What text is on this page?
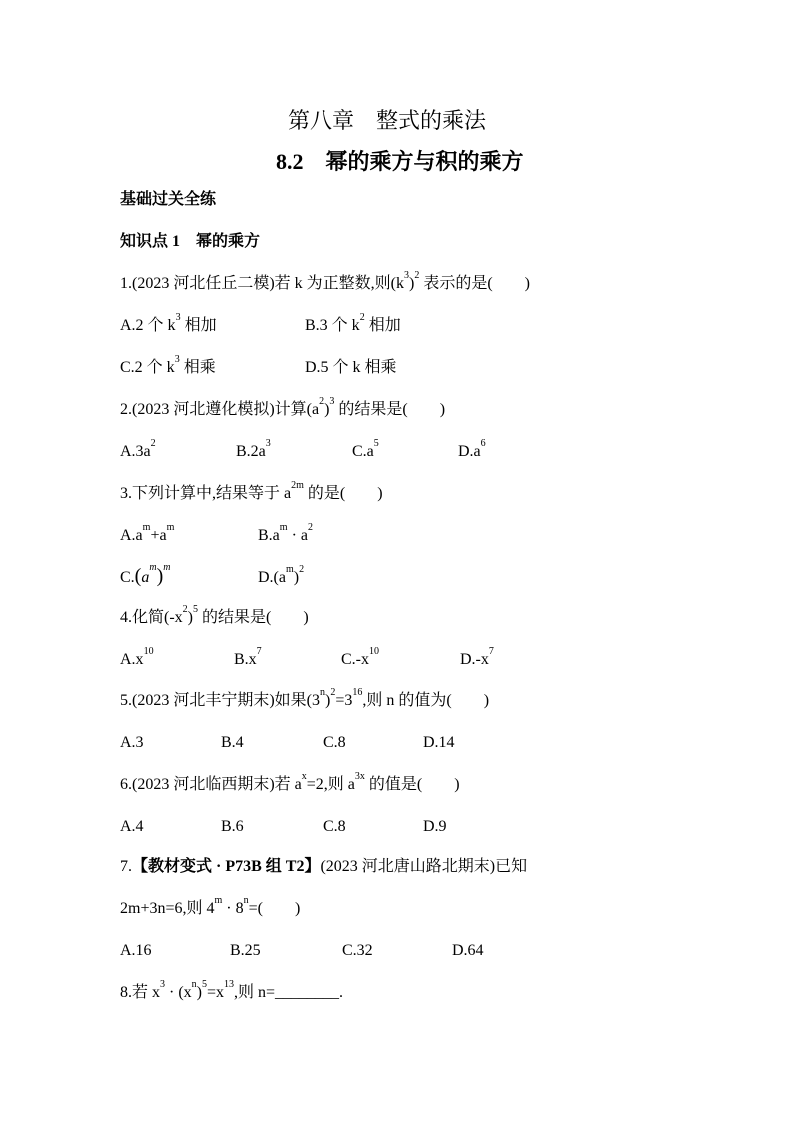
第八章　整式的乘法
8.2　幂的乘方与积的乘方
基础过关全练
知识点 1　幂的乘方
1.(2023 河北任丘二模)若 k 为正整数,则$(k^3)^2$ 表示的是(　　)
A.2 个 $k^3$ 相加	B.3 个 $k^2$ 相加
C.2 个 $k^3$ 相乘	D.5 个 k 相乘
2.(2023 河北遵化模拟)计算$(a^2)^3$ 的结果是(　　)
$A.3a^2$	$B.2a^3$	$C.a^5$	$D.a^6$
3.下列计算中,结果等于 $a^{2m}$ 的是(　　)
$A.a^m+a^m$	$B.a^m \cdot a^2$
$C.(a^m)^m$
$D.(a^m)^2$
4.化简$(-x^2)^5$ 的结果是(　　)
$A.x^{10}$	$B.x^7$	$C.-x^{10}$	$D.-x^7$
5.(2023 河北丰宁期末)如果$(3^n)^2=3^{16}$,则 n 的值为(　　)
A.3	B.4	C.8	D.14
6.(2023 河北临西期末)若 $a^x=2$,则 $a^{3x}$ 的值是(　　)
A.4	B.6	C.8	D.9
7.【教材变式 · P73B 组 T2】(2023 河北唐山路北期末)已知
2m+3n=6,则 $4^m \cdot 8^n=$(　　)
A.16	B.25	C.32	D.64
8.若 $x^3 \cdot (x^n)^5=x^{13}$,则 n=________.
